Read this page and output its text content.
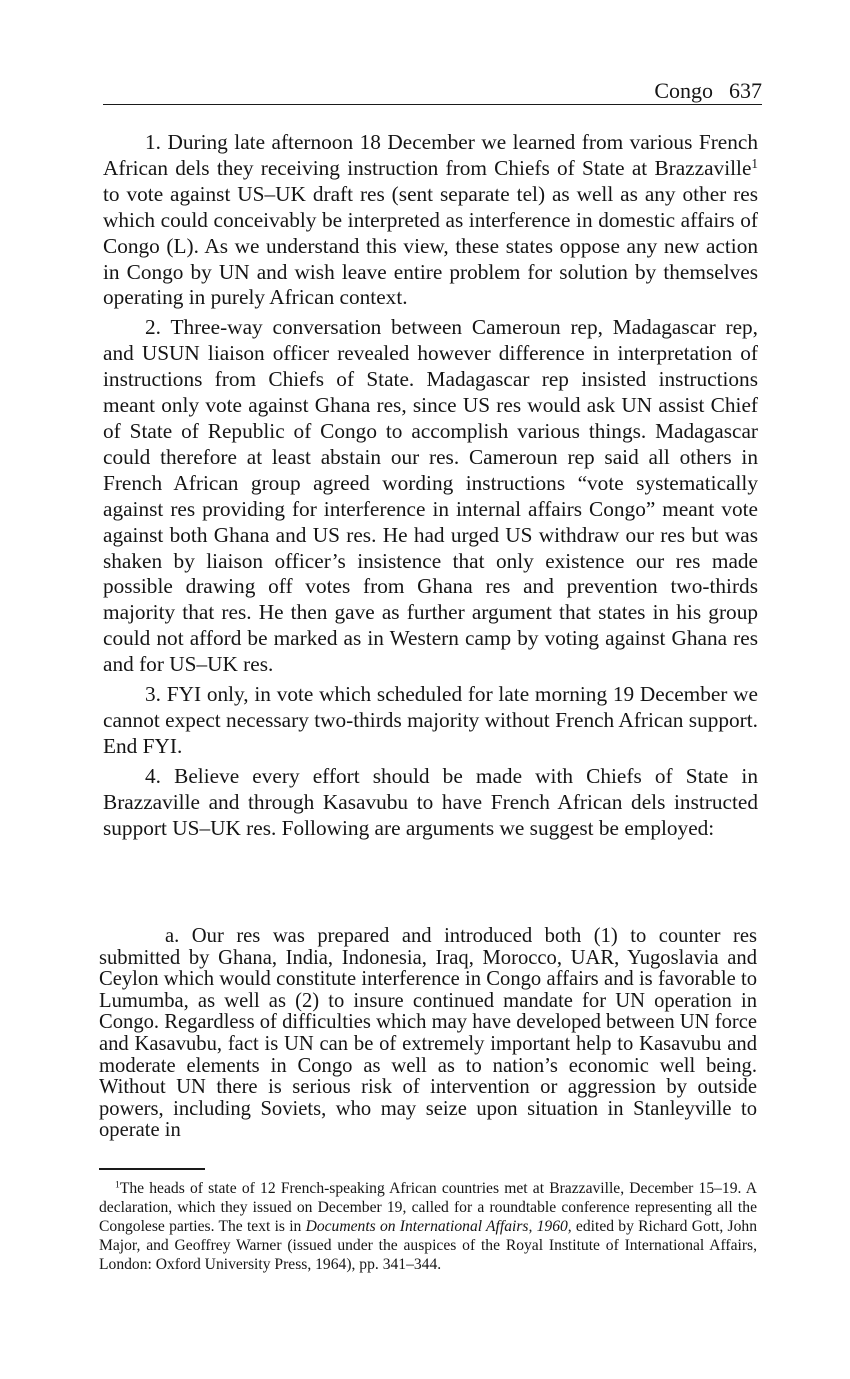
Congo 637

1. During late afternoon 18 December we learned from various French African dels they receiving instruction from Chiefs of State at Brazzaville$^1$ to vote against US–UK draft res (sent separate tel) as well as any other res which could conceivably be interpreted as interference in domestic affairs of Congo (L). As we understand this view, these states oppose any new action in Congo by UN and wish leave entire problem for solution by themselves operating in purely African context.

2. Three-way conversation between Cameroun rep, Madagascar rep, and USUN liaison officer revealed however difference in interpretation of instructions from Chiefs of State. Madagascar rep insisted instructions meant only vote against Ghana res, since US res would ask UN assist Chief of State of Republic of Congo to accomplish various things. Madagascar could therefore at least abstain our res. Cameroun rep said all others in French African group agreed wording instructions “vote systematically against res providing for interference in internal affairs Congo” meant vote against both Ghana and US res. He had urged US withdraw our res but was shaken by liaison officer’s insistence that only existence our res made possible drawing off votes from Ghana res and prevention two-thirds majority that res. He then gave as further argument that states in his group could not afford be marked as in Western camp by voting against Ghana res and for US–UK res.

3. FYI only, in vote which scheduled for late morning 19 December we cannot expect necessary two-thirds majority without French African support. End FYI.

4. Believe every effort should be made with Chiefs of State in Brazzaville and through Kasavubu to have French African dels instructed support US–UK res. Following are arguments we suggest be employed:

a. Our res was prepared and introduced both (1) to counter res submitted by Ghana, India, Indonesia, Iraq, Morocco, UAR, Yugoslavia and Ceylon which would constitute interference in Congo affairs and is favorable to Lumumba, as well as (2) to insure continued mandate for UN operation in Congo. Regardless of difficulties which may have developed between UN force and Kasavubu, fact is UN can be of extremely important help to Kasavubu and moderate elements in Congo as well as to nation’s economic well being. Without UN there is serious risk of intervention or aggression by outside powers, including Soviets, who may seize upon situation in Stanleyville to operate in

$^1$The heads of state of 12 French-speaking African countries met at Brazzaville, December 15–19. A declaration, which they issued on December 19, called for a roundtable conference representing all the Congolese parties. The text is in Documents on International Affairs, 1960, edited by Richard Gott, John Major, and Geoffrey Warner (issued under the auspices of the Royal Institute of International Affairs, London: Oxford University Press, 1964), pp. 341–344.
